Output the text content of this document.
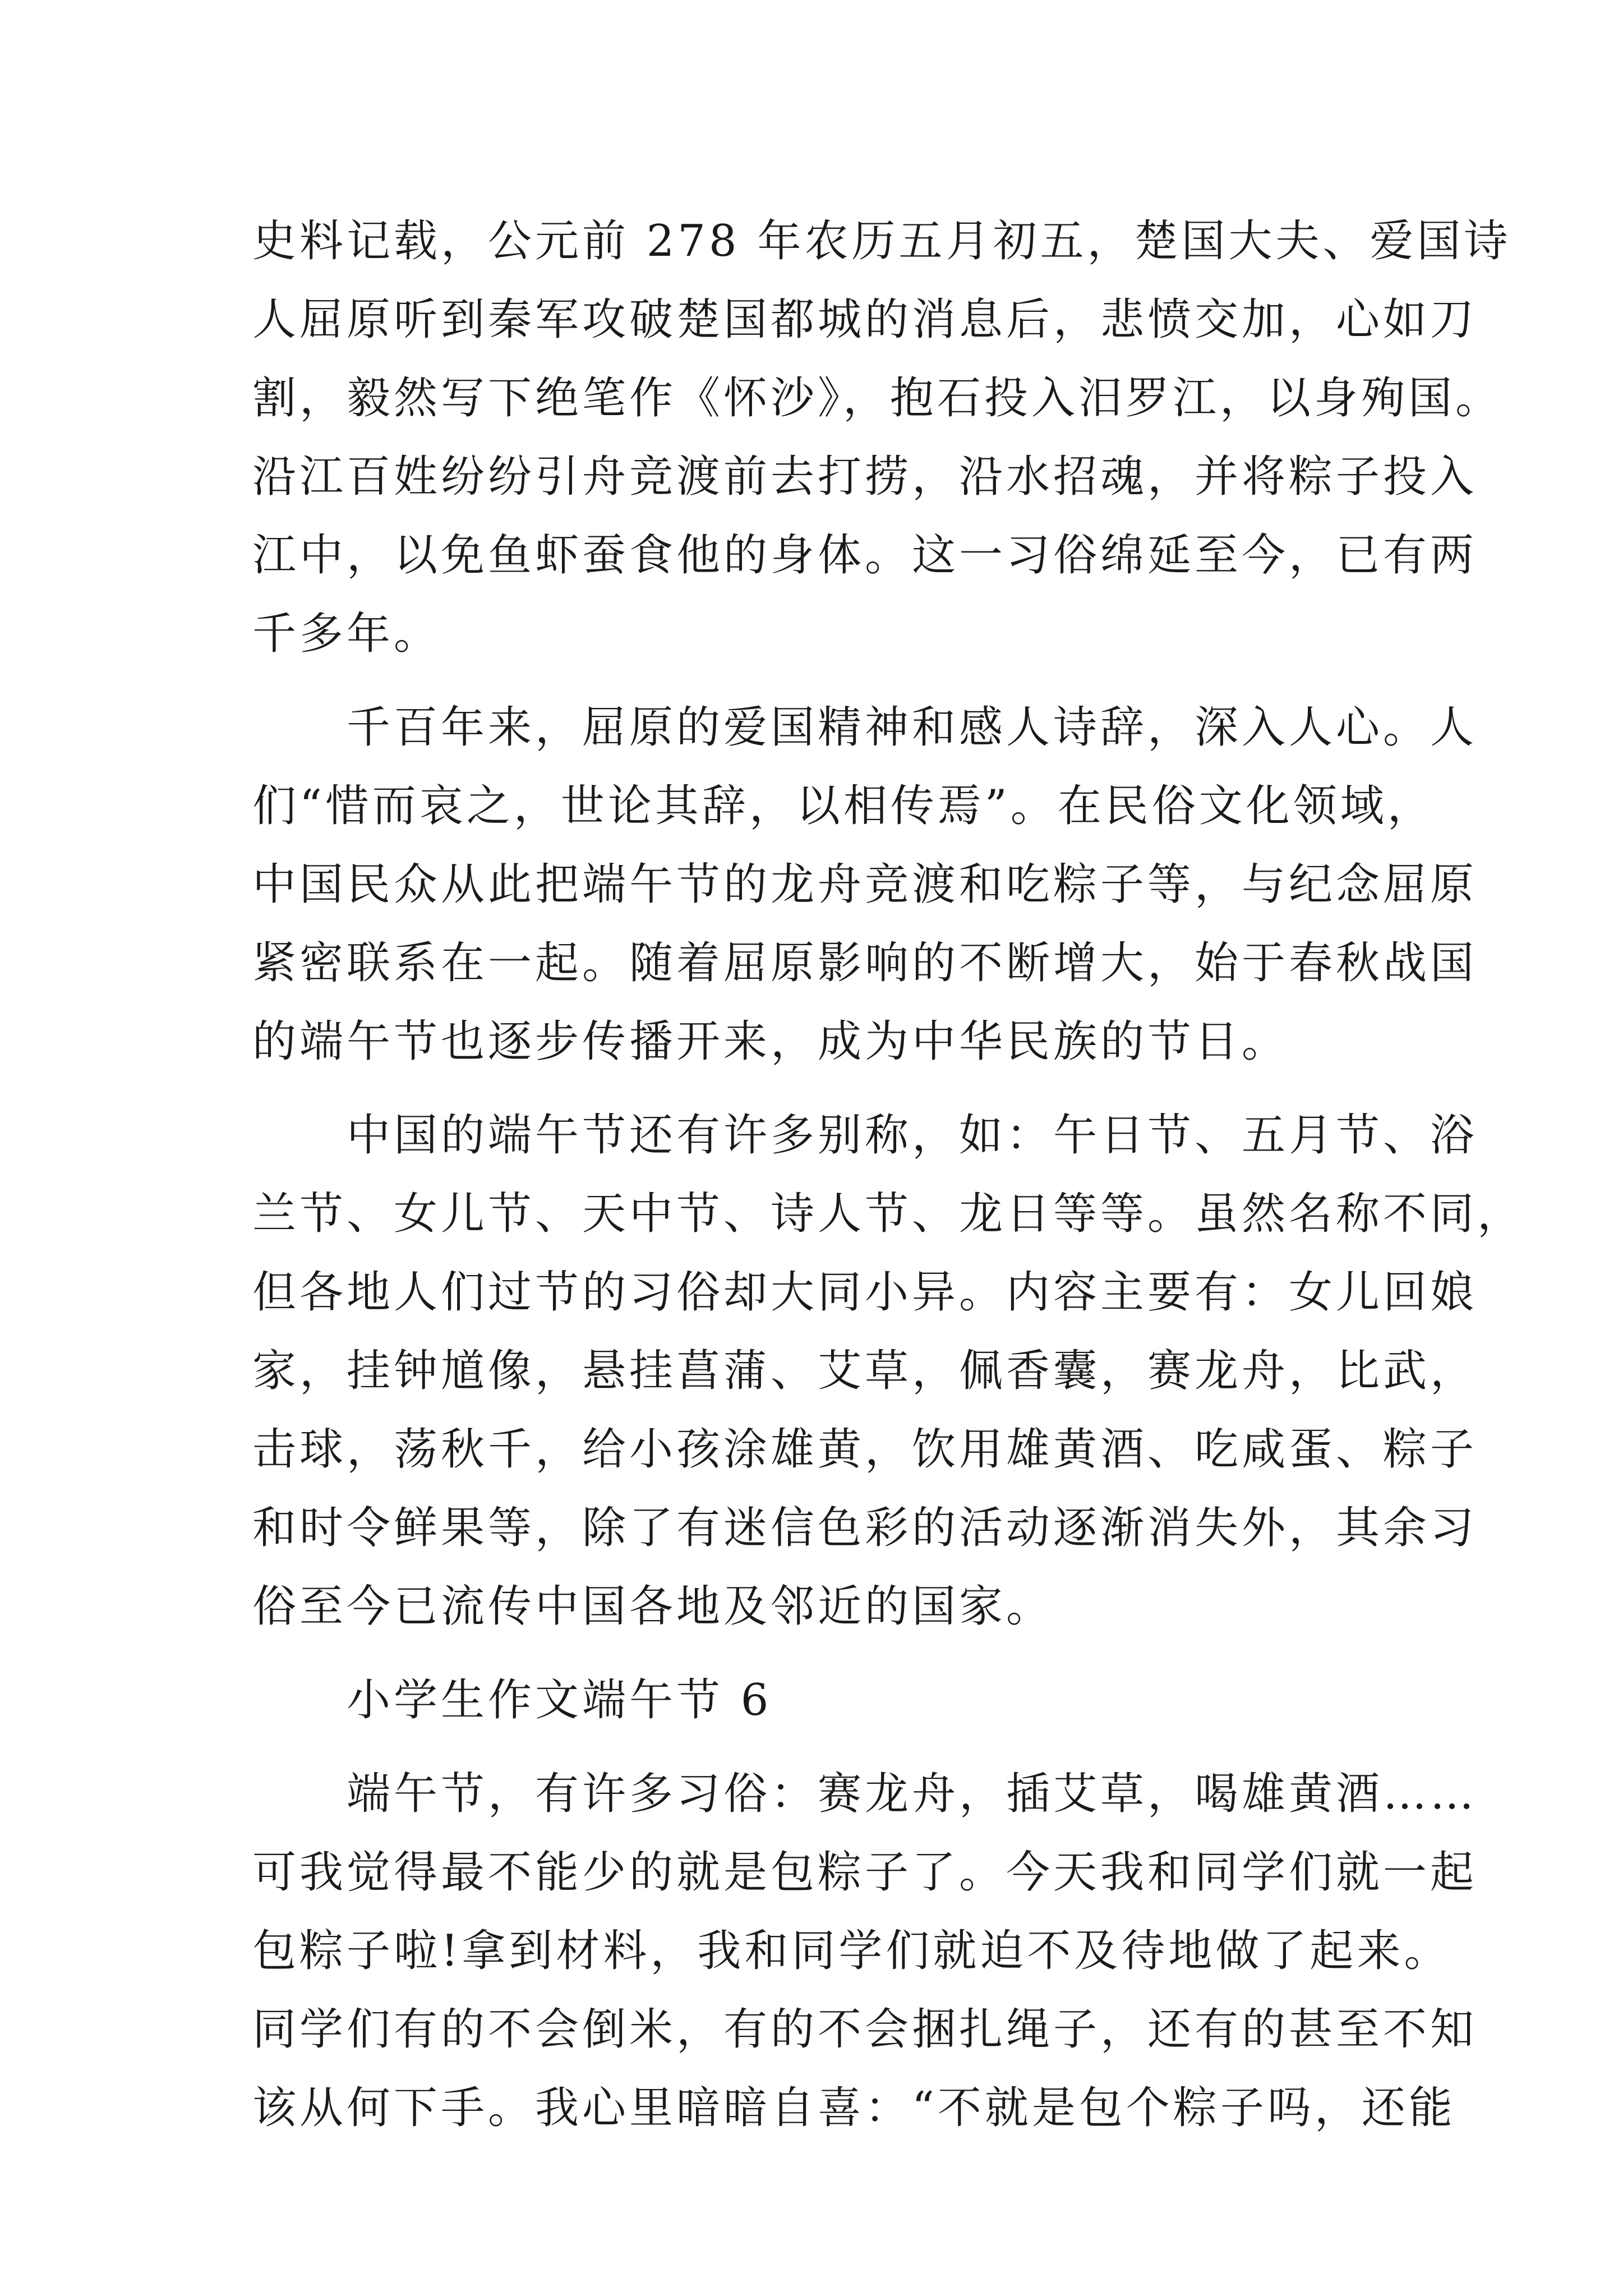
史料记载，公元前 278 年农历五月初五，楚国大夫、爱国诗
人屈原听到秦军攻破楚国都城的消息后，悲愤交加，心如刀
割，毅然写下绝笔作《怀沙》，抱石投入汨罗江，以身殉国。
沿江百姓纷纷引舟竞渡前去打捞，沿水招魂，并将粽子投入
江中，以免鱼虾蚕食他的身体。这一习俗绵延至今，已有两
千多年。
　　千百年来，屈原的爱国精神和感人诗辞，深入人心。人
们“惜而哀之，世论其辞，以相传焉”。在民俗文化领域，
中国民众从此把端午节的龙舟竞渡和吃粽子等，与纪念屈原
紧密联系在一起。随着屈原影响的不断增大，始于春秋战国
的端午节也逐步传播开来，成为中华民族的节日。
　　中国的端午节还有许多别称，如：午日节、五月节、浴
兰节、女儿节、天中节、诗人节、龙日等等。虽然名称不同，
但各地人们过节的习俗却大同小异。内容主要有：女儿回娘
家，挂钟馗像，悬挂菖蒲、艾草，佩香囊，赛龙舟，比武，
击球，荡秋千，给小孩涂雄黄，饮用雄黄酒、吃咸蛋、粽子
和时令鲜果等，除了有迷信色彩的活动逐渐消失外，其余习
俗至今已流传中国各地及邻近的国家。
　　小学生作文端午节 6
　　端午节，有许多习俗：赛龙舟，插艾草，喝雄黄酒……
可我觉得最不能少的就是包粽子了。今天我和同学们就一起
包粽子啦!拿到材料，我和同学们就迫不及待地做了起来。
同学们有的不会倒米，有的不会捆扎绳子，还有的甚至不知
该从何下手。我心里暗暗自喜：“不就是包个粽子吗，还能
